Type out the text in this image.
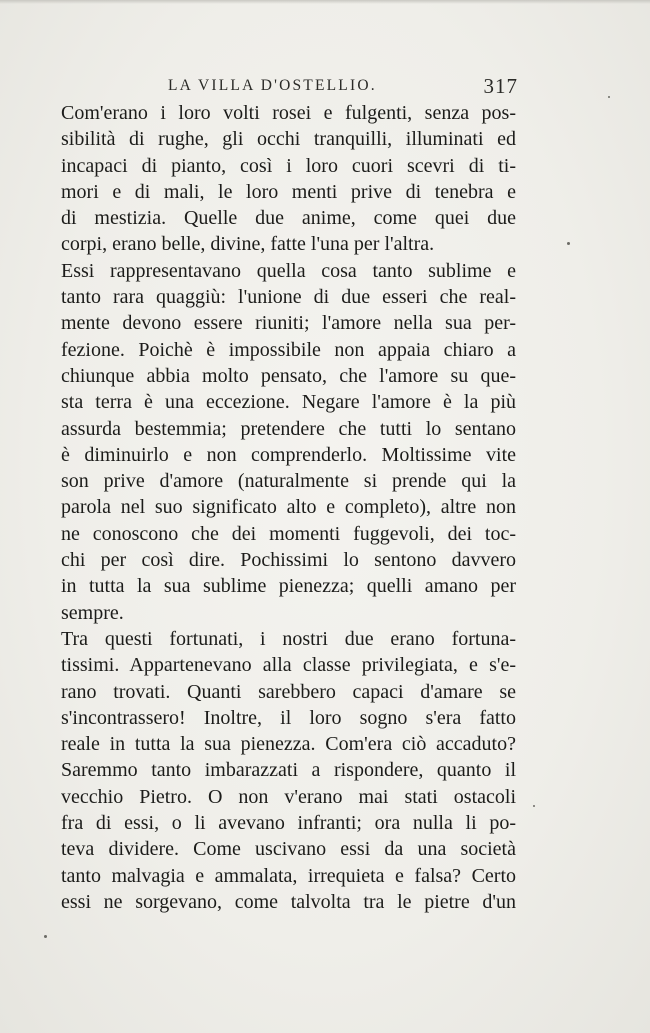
LA VILLA D'OSTELLIO.	317
Com'erano i loro volti rosei e fulgenti, senza pos-
sibilità di rughe, gli occhi tranquilli, illuminati ed
incapaci di pianto, così i loro cuori scevri di ti-
mori e di mali, le loro menti prive di tenebra e
di mestizia. Quelle due anime, come quei due
corpi, erano belle, divine, fatte l'una per l'altra.
Essi rappresentavano quella cosa tanto sublime e
tanto rara quaggiù: l'unione di due esseri che real-
mente devono essere riuniti; l'amore nella sua per-
fezione. Poichè è impossibile non appaia chiaro a
chiunque abbia molto pensato, che l'amore su que-
sta terra è una eccezione. Negare l'amore è la più
assurda bestemmia; pretendere che tutti lo sentano
è diminuirlo e non comprenderlo. Moltissime vite
son prive d'amore (naturalmente si prende qui la
parola nel suo significato alto e completo), altre non
ne conoscono che dei momenti fuggevoli, dei toc-
chi per così dire. Pochissimi lo sentono davvero
in tutta la sua sublime pienezza; quelli amano per
sempre.
Tra questi fortunati, i nostri due erano fortuna-
tissimi. Appartenevano alla classe privilegiata, e s'e-
rano trovati. Quanti sarebbero capaci d'amare se
s'incontrassero! Inoltre, il loro sogno s'era fatto
reale in tutta la sua pienezza. Com'era ciò accaduto?
Saremmo tanto imbarazzati a rispondere, quanto il
vecchio Pietro. O non v'erano mai stati ostacoli
fra di essi, o li avevano infranti; ora nulla li po-
teva dividere. Come uscivano essi da una società
tanto malvagia e ammalata, irrequieta e falsa? Certo
essi ne sorgevano, come talvolta tra le pietre d'un
